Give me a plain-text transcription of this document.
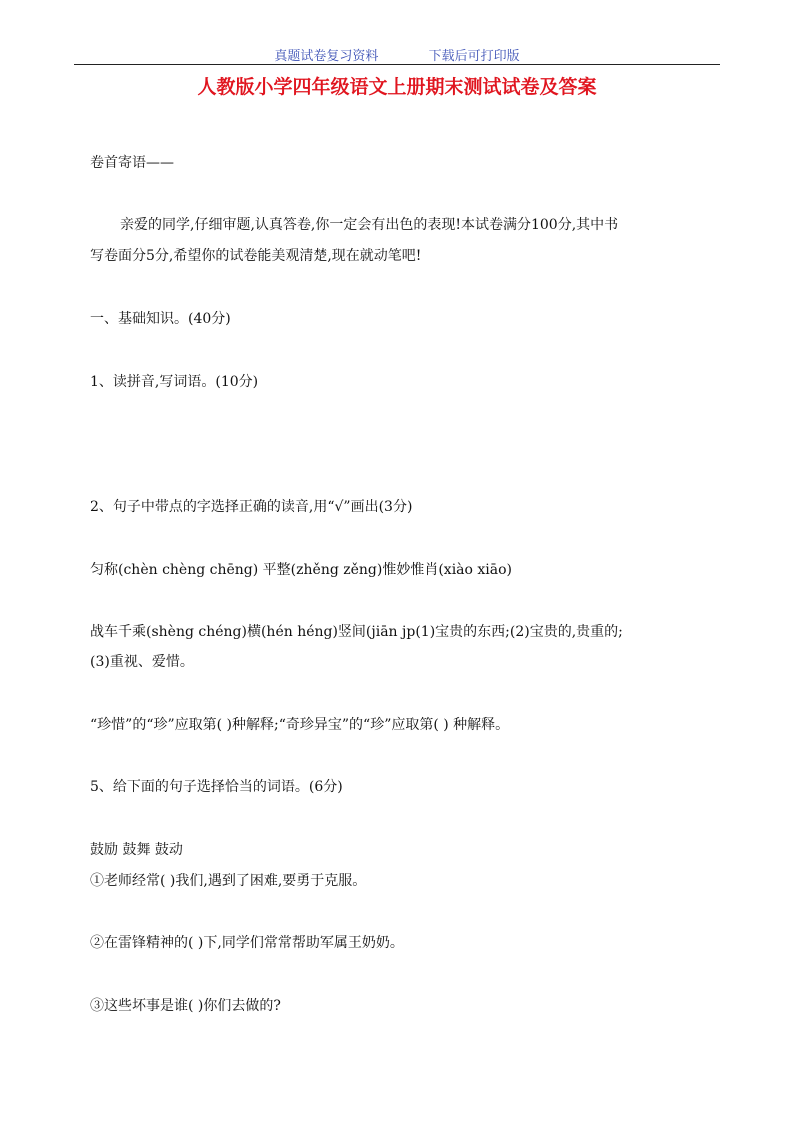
真题试卷复习资料	下载后可打印版
人教版小学四年级语文上册期末测试试卷及答案
卷首寄语——
亲爱的同学,仔细审题,认真答卷,你一定会有出色的表现!本试卷满分100分,其中书
写卷面分5分,希望你的试卷能美观清楚,现在就动笔吧!
一、基础知识。(40分)
1、读拼音,写词语。(10分)
2、句子中带点的字选择正确的读音,用“√”画出(3分)
匀称(chèn chèng chēng) 平整(zhěng zěng)惟妙惟肖(xiào xiāo)
战车千乘(shèng chéng)横(hén héng)竖间(jiān jp(1)宝贵的东西;(2)宝贵的,贵重的;
(3)重视、爱惜。
“珍惜”的“珍”应取第( )种解释;“奇珍异宝”的“珍”应取第( ) 种解释。
5、给下面的句子选择恰当的词语。(6分)
鼓励 鼓舞 鼓动
①老师经常( )我们,遇到了困难,要勇于克服。
②在雷锋精神的( )下,同学们常常帮助军属王奶奶。
③这些坏事是谁( )你们去做的?
